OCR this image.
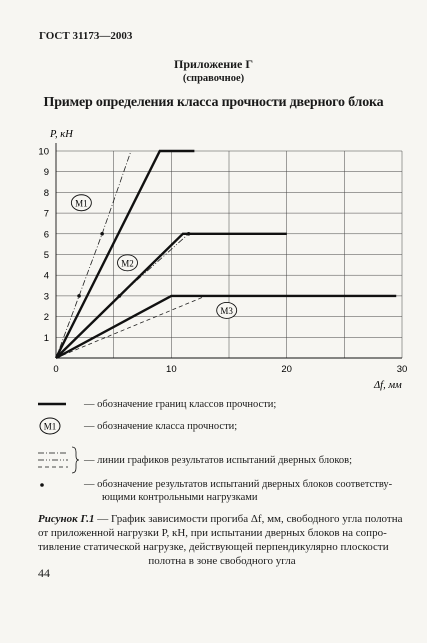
ГОСТ 31173—2003
Приложение Г
(справочное)
Пример определения класса прочности дверного блока
1
2
3
4
5
6
7
8
9
10
0	10	20	30
P, кН
Δf, мм
M1
M2
M3
M1
— обозначение границ классов прочности;
— обозначение класса прочности;
— линии графиков результатов испытаний дверных блоков;
— обозначение результатов испытаний дверных блоков соответству-
ющими контрольными нагрузками
Рисунок Г.1 — График зависимости прогиба Δf, мм, свободного угла полотна
от приложенной нагрузки P, кН, при испытании дверных блоков на сопро-
тивление статической нагрузке, действующей перпендикулярно плоскости
полотна в зоне свободного угла
44
